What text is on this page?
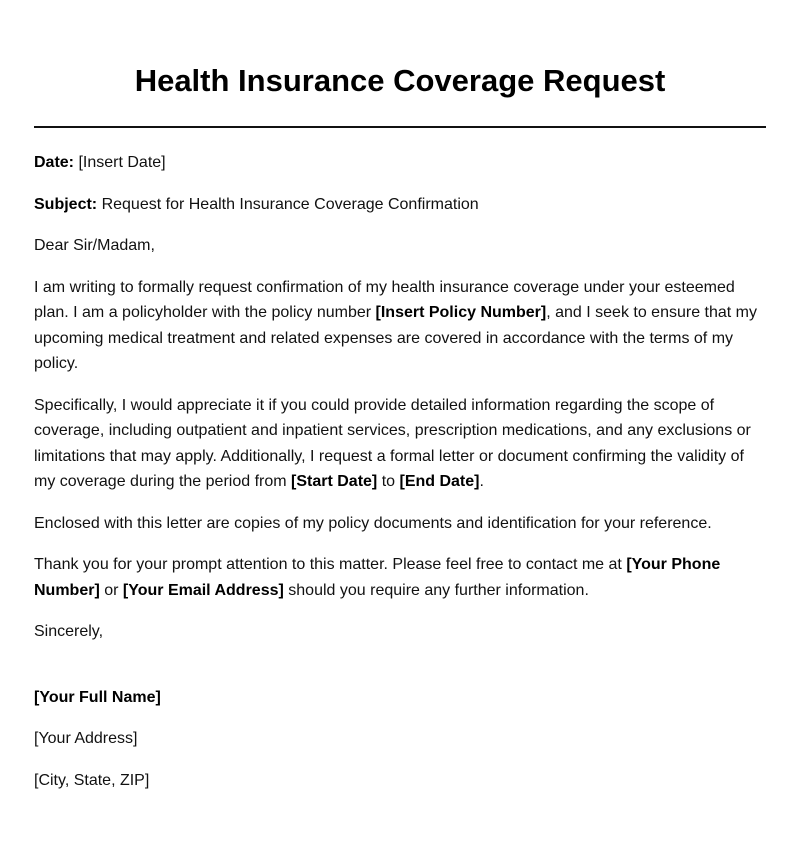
Health Insurance Coverage Request

Date: [Insert Date]

Subject: Request for Health Insurance Coverage Confirmation

Dear Sir/Madam,

I am writing to formally request confirmation of my health insurance coverage under your esteemed plan. I am a policyholder with the policy number [Insert Policy Number], and I seek to ensure that my upcoming medical treatment and related expenses are covered in accordance with the terms of my policy.

Specifically, I would appreciate it if you could provide detailed information regarding the scope of coverage, including outpatient and inpatient services, prescription medications, and any exclusions or limitations that may apply. Additionally, I request a formal letter or document confirming the validity of my coverage during the period from [Start Date] to [End Date].

Enclosed with this letter are copies of my policy documents and identification for your reference.

Thank you for your prompt attention to this matter. Please feel free to contact me at [Your Phone Number] or [Your Email Address] should you require any further information.

Sincerely,

[Your Full Name]

[Your Address]

[City, State, ZIP]
